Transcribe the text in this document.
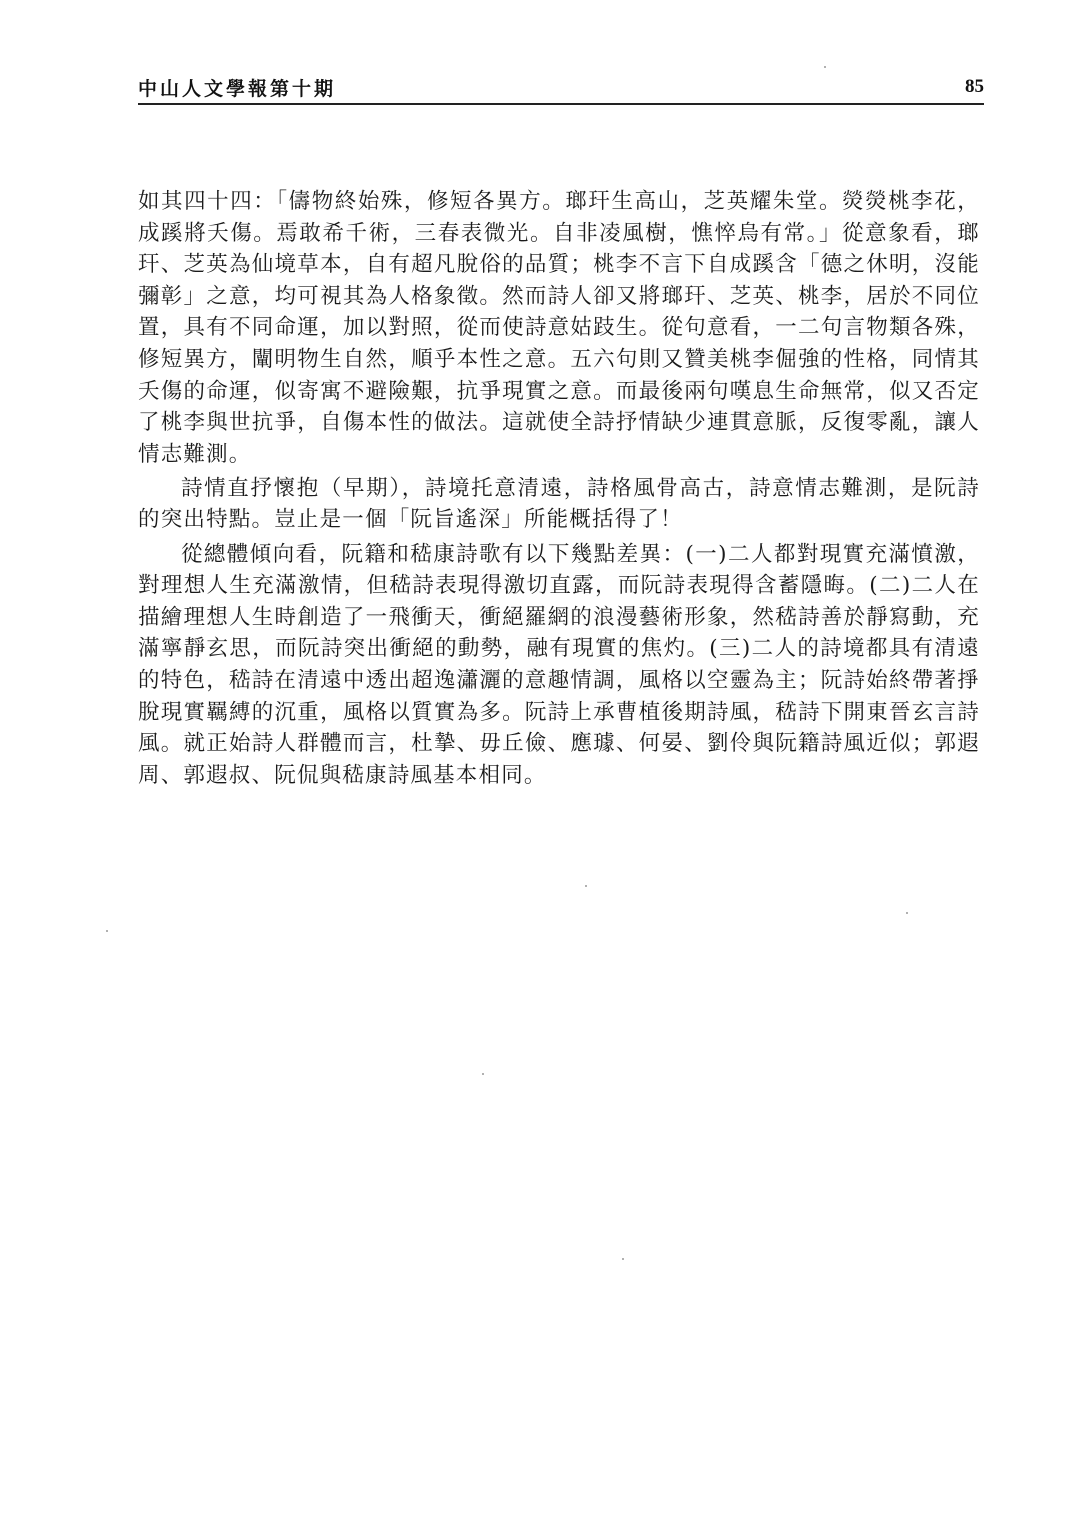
中山人文學報第十期	85

如其四十四：「儔物終始殊，修短各異方。瑯玕生高山，芝英耀朱堂。熒熒桃李花，成蹊將夭傷。焉敢希千術，三春表微光。自非凌風樹，憔悴烏有常。」從意象看，瑯玕、芝英為仙境草本，自有超凡脫俗的品質；桃李不言下自成蹊含「德之休明，沒能彌彰」之意，均可視其為人格象徵。然而詩人卻又將瑯玕、芝英、桃李，居於不同位置，具有不同命運，加以對照，從而使詩意姑跂生。從句意看，一二句言物類各殊，修短異方，闡明物生自然，順乎本性之意。五六句則又贊美桃李倔強的性格，同情其夭傷的命運，似寄寓不避險艱，抗爭現實之意。而最後兩句嘆息生命無常，似又否定了桃李與世抗爭，自傷本性的做法。這就使全詩抒情缺少連貫意脈，反復零亂，讓人情志難測。

詩情直抒懷抱（早期），詩境托意清遠，詩格風骨高古，詩意情志難測，是阮詩的突出特點。豈止是一個「阮旨遙深」所能概括得了！

從總體傾向看，阮籍和嵇康詩歌有以下幾點差異：(一)二人都對現實充滿憤激，對理想人生充滿激情，但嵇詩表現得激切直露，而阮詩表現得含蓄隱晦。(二)二人在描繪理想人生時創造了一飛衝天，衝絕羅網的浪漫藝術形象，然嵇詩善於靜寫動，充滿寧靜玄思，而阮詩突出衝絕的動勢，融有現實的焦灼。(三)二人的詩境都具有清遠的特色，嵇詩在清遠中透出超逸瀟灑的意趣情調，風格以空靈為主；阮詩始終帶著掙脫現實羈縛的沉重，風格以質實為多。阮詩上承曹植後期詩風，嵇詩下開東晉玄言詩風。就正始詩人群體而言，杜摯、毋丘儉、應璩、何晏、劉伶與阮籍詩風近似；郭遐周、郭遐叔、阮侃與嵇康詩風基本相同。
